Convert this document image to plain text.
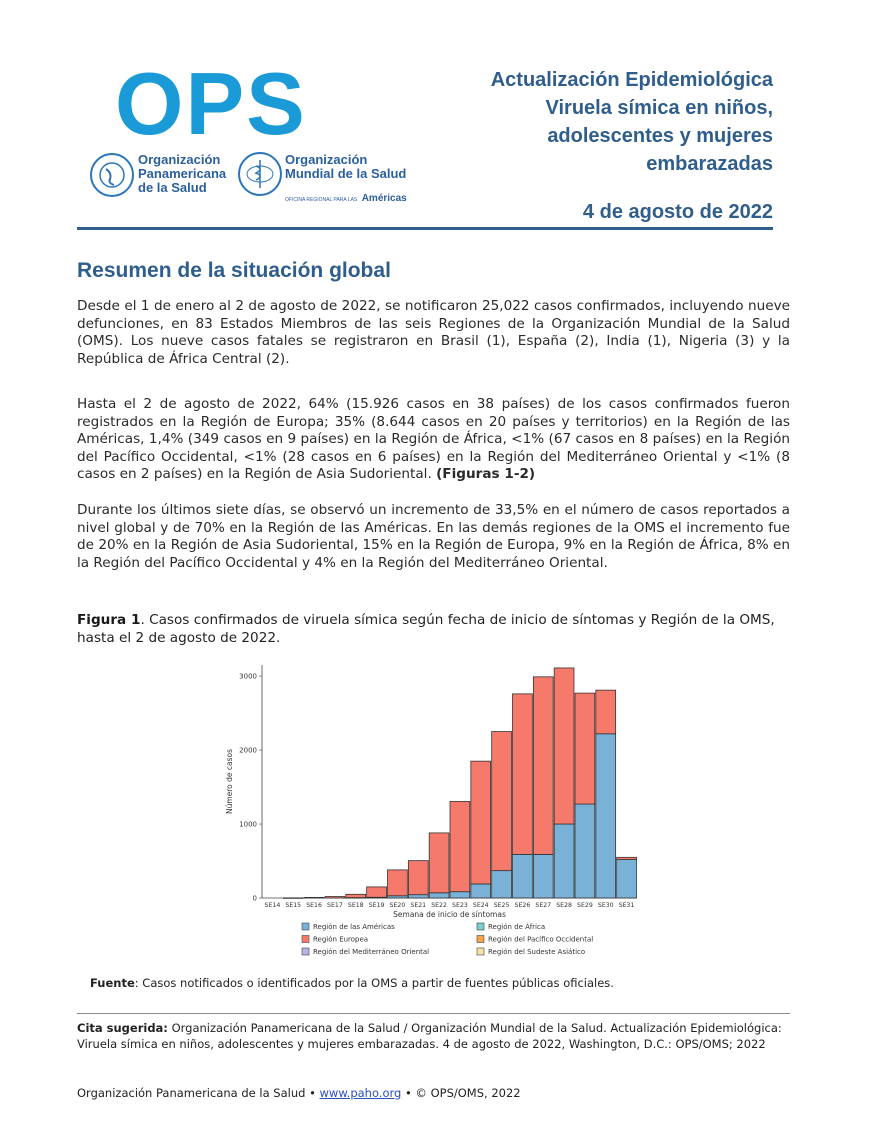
OPS
Organización
Panamericana
de la Salud
Organización
Mundial de la Salud
OFICINA REGIONAL PARA LAS Américas
Actualización Epidemiológica
Viruela símica en niños,
adolescentes y mujeres
embarazadas
4 de agosto de 2022
Resumen de la situación global
Desde el 1 de enero al 2 de agosto de 2022, se notificaron 25,022 casos confirmados, incluyendo nueve defunciones, en 83 Estados Miembros de las seis Regiones de la Organización Mundial de la Salud (OMS). Los nueve casos fatales se registraron en Brasil (1), España (2), India (1), Nigeria (3) y la República de África Central (2).
Hasta el 2 de agosto de 2022, 64% (15.926 casos en 38 países) de los casos confirmados fueron registrados en la Región de Europa; 35% (8.644 casos en 20 países y territorios) en la Región de las Américas, 1,4% (349 casos en 9 países) en la Región de África, <1% (67 casos en 8 países) en la Región del Pacífico Occidental, <1% (28 casos en 6 países) en la Región del Mediterráneo Oriental y <1% (8 casos en 2 países) en la Región de Asia Sudoriental. (Figuras 1-2)
Durante los últimos siete días, se observó un incremento de 33,5% en el número de casos reportados a nivel global y de 70% en la Región de las Américas. En las demás regiones de la OMS el incremento fue de 20% en la Región de Asia Sudoriental, 15% en la Región de Europa, 9% en la Región de África, 8% en la Región del Pacífico Occidental y 4% en la Región del Mediterráneo Oriental.
Figura 1. Casos confirmados de viruela símica según fecha de inicio de síntomas y Región de la OMS, hasta el 2 de agosto de 2022.
0
1000
2000
3000
Número de casos
SE14 SE15 SE16 SE17 SE18 SE19 SE20 SE21 SE22 SE23 SE24 SE25 SE26 SE27 SE28 SE29 SE30 SE31
Semana de inicio de síntomas
Región de las Américas	Región de África
Región Europea	Región del Pacífico Occidental
Región del Mediterráneo Oriental	Región del Sudeste Asiático
Fuente: Casos notificados o identificados por la OMS a partir de fuentes públicas oficiales.
Cita sugerida: Organización Panamericana de la Salud / Organización Mundial de la Salud. Actualización Epidemiológica: Viruela símica en niños, adolescentes y mujeres embarazadas. 4 de agosto de 2022, Washington, D.C.: OPS/OMS; 2022
Organización Panamericana de la Salud • www.paho.org • © OPS/OMS, 2022
